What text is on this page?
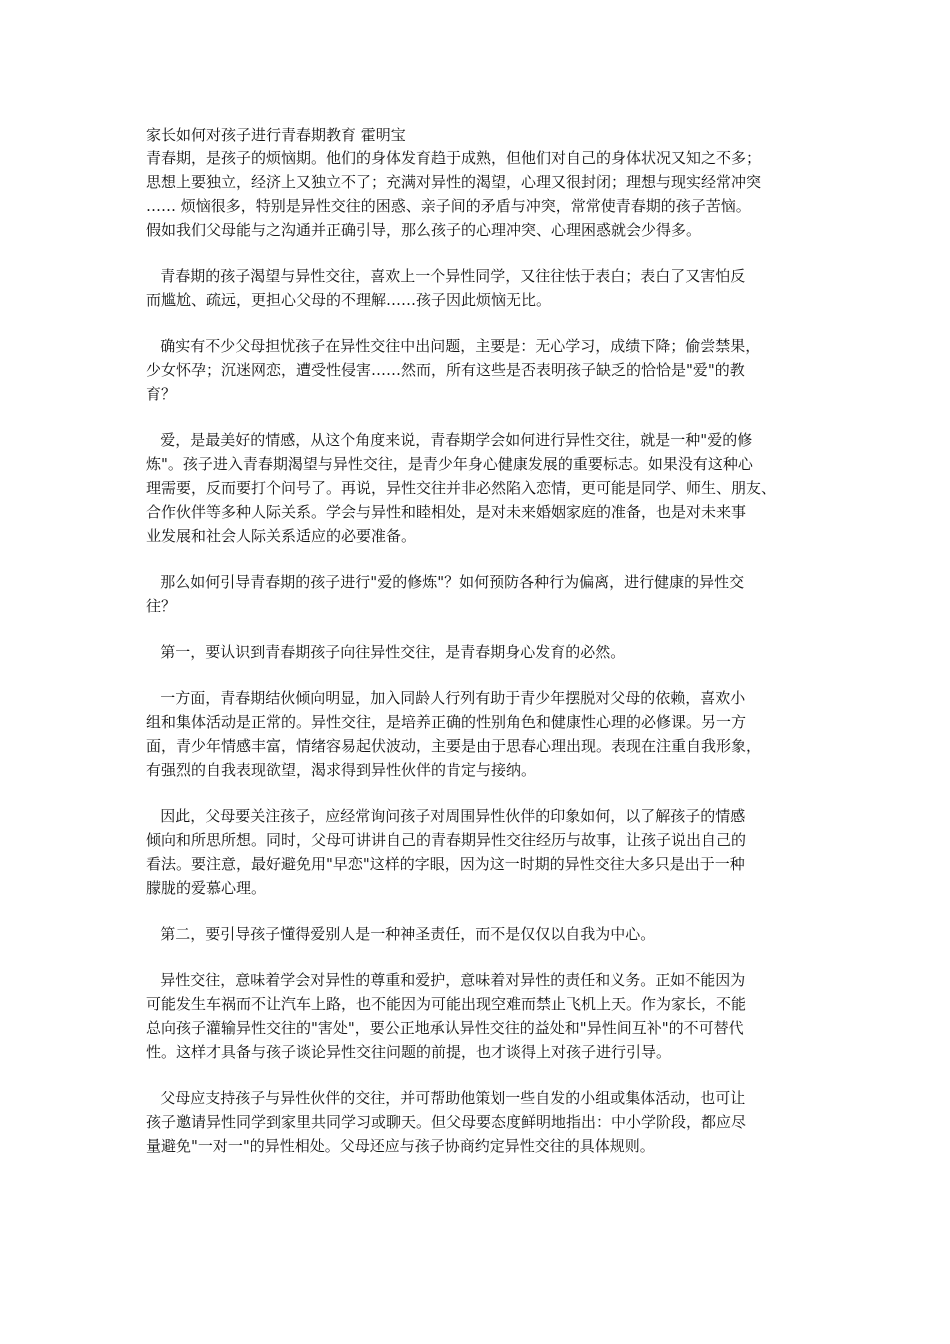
家长如何对孩子进行青春期教育 霍明宝

青春期，是孩子的烦恼期。他们的身体发育趋于成熟，但他们对自己的身体状况又知之不多；

思想上要独立，经济上又独立不了；充满对异性的渴望，心理又很封闭；理想与现实经常冲突

…… 烦恼很多，特别是异性交往的困惑、亲子间的矛盾与冲突，常常使青春期的孩子苦恼。

假如我们父母能与之沟通并正确引导，那么孩子的心理冲突、心理困惑就会少得多。

青春期的孩子渴望与异性交往，喜欢上一个异性同学，又往往怯于表白；表白了又害怕反

而尴尬、疏远，更担心父母的不理解……孩子因此烦恼无比。

确实有不少父母担忧孩子在异性交往中出问题，主要是：无心学习，成绩下降；偷尝禁果，

少女怀孕；沉迷网恋，遭受性侵害……然而，所有这些是否表明孩子缺乏的恰恰是"爱"的教

育？

爱，是最美好的情感，从这个角度来说，青春期学会如何进行异性交往，就是一种"爱的修

炼"。孩子进入青春期渴望与异性交往，是青少年身心健康发展的重要标志。如果没有这种心

理需要，反而要打个问号了。再说，异性交往并非必然陷入恋情，更可能是同学、师生、朋友、

合作伙伴等多种人际关系。学会与异性和睦相处，是对未来婚姻家庭的准备，也是对未来事

业发展和社会人际关系适应的必要准备。

那么如何引导青春期的孩子进行"爱的修炼"？如何预防各种行为偏离，进行健康的异性交

往？

第一，要认识到青春期孩子向往异性交往，是青春期身心发育的必然。

一方面，青春期结伙倾向明显，加入同龄人行列有助于青少年摆脱对父母的依赖，喜欢小

组和集体活动是正常的。异性交往，是培养正确的性别角色和健康性心理的必修课。另一方

面，青少年情感丰富，情绪容易起伏波动，主要是由于思春心理出现。表现在注重自我形象，

有强烈的自我表现欲望，渴求得到异性伙伴的肯定与接纳。

因此，父母要关注孩子，应经常询问孩子对周围异性伙伴的印象如何，以了解孩子的情感

倾向和所思所想。同时，父母可讲讲自己的青春期异性交往经历与故事，让孩子说出自己的

看法。要注意，最好避免用"早恋"这样的字眼，因为这一时期的异性交往大多只是出于一种

朦胧的爱慕心理。

第二，要引导孩子懂得爱别人是一种神圣责任，而不是仅仅以自我为中心。

异性交往，意味着学会对异性的尊重和爱护，意味着对异性的责任和义务。正如不能因为

可能发生车祸而不让汽车上路，也不能因为可能出现空难而禁止飞机上天。作为家长，不能

总向孩子灌输异性交往的"害处"，要公正地承认异性交往的益处和"异性间互补"的不可替代

性。这样才具备与孩子谈论异性交往问题的前提，也才谈得上对孩子进行引导。

父母应支持孩子与异性伙伴的交往，并可帮助他策划一些自发的小组或集体活动，也可让

孩子邀请异性同学到家里共同学习或聊天。但父母要态度鲜明地指出：中小学阶段，都应尽

量避免"一对一"的异性相处。父母还应与孩子协商约定异性交往的具体规则。
